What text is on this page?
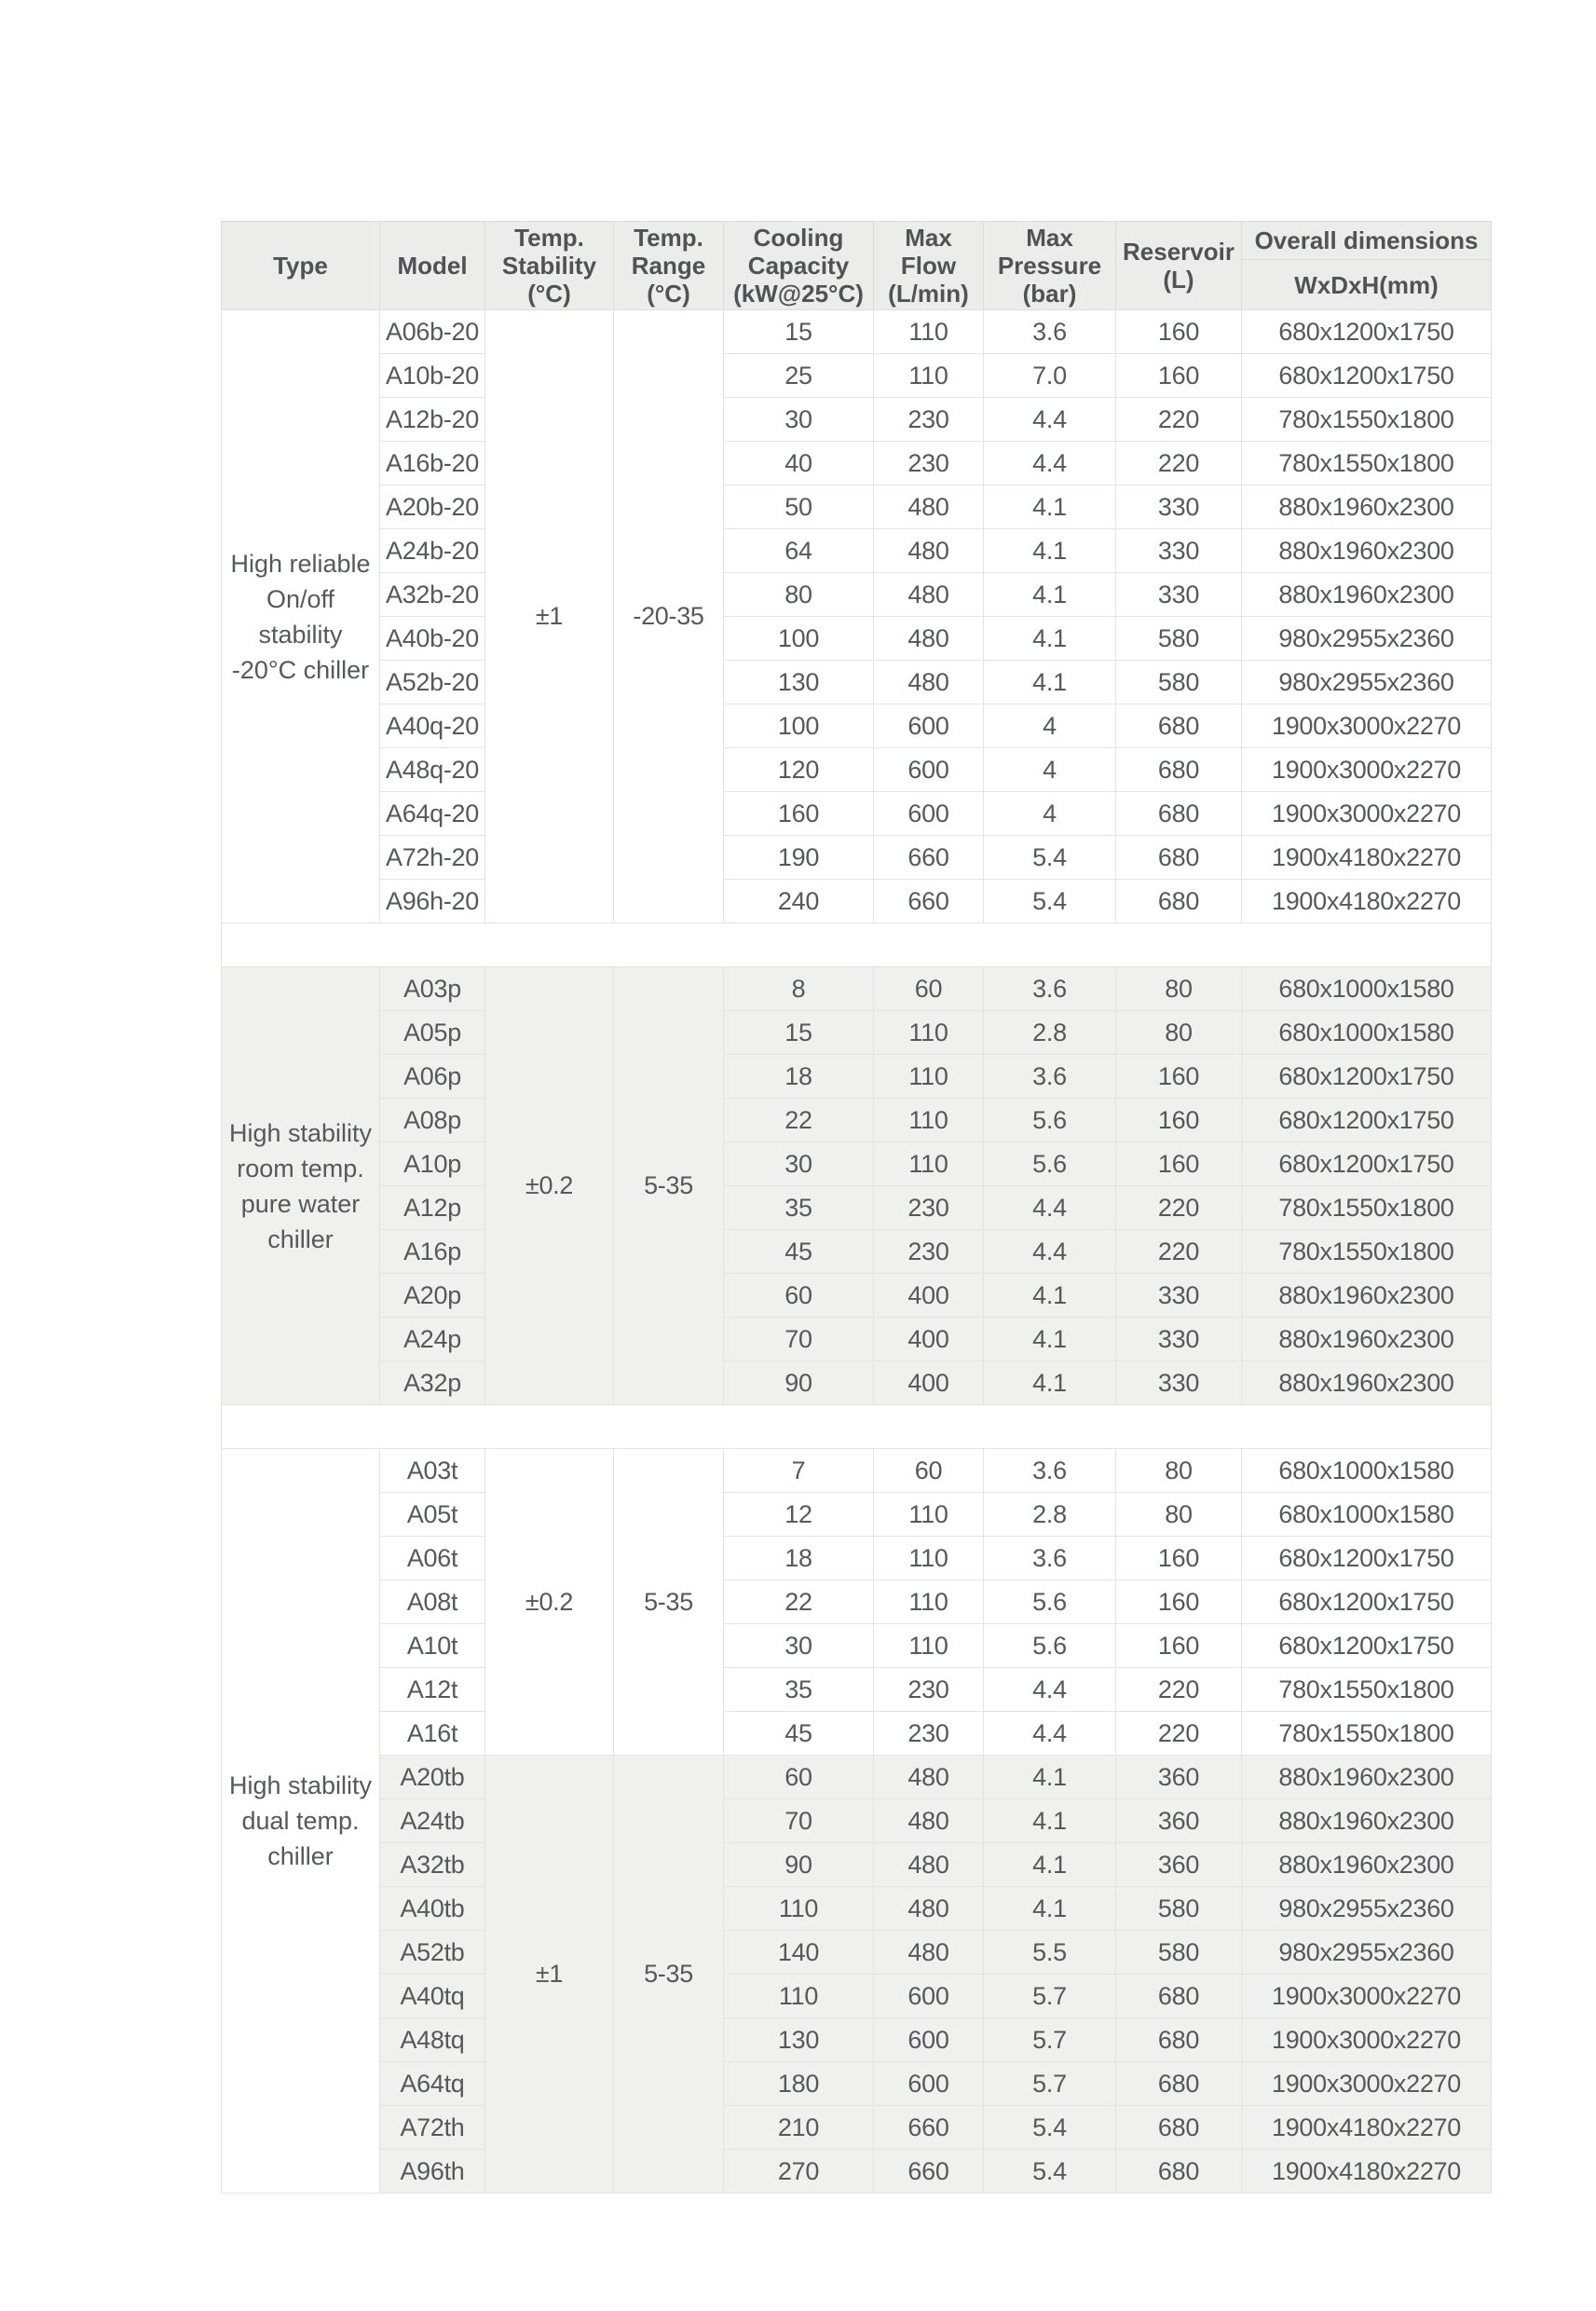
Type	Model	Temp. Stability (°C)	Temp. Range (°C)	Cooling Capacity (kW@25°C)	Max Flow (L/min)	Max Pressure (bar)	Reservoir (L)	Overall dimensions
								WxDxH(mm)
High reliable On/off stability -20°C chiller	A06b-20	±1	-20-35	15	110	3.6	160	680x1200x1750
	A10b-20			25	110	7.0	160	680x1200x1750
	A12b-20			30	230	4.4	220	780x1550x1800
	A16b-20			40	230	4.4	220	780x1550x1800
	A20b-20			50	480	4.1	330	880x1960x2300
	A24b-20			64	480	4.1	330	880x1960x2300
	A32b-20			80	480	4.1	330	880x1960x2300
	A40b-20			100	480	4.1	580	980x2955x2360
	A52b-20			130	480	4.1	580	980x2955x2360
	A40q-20			100	600	4	680	1900x3000x2270
	A48q-20			120	600	4	680	1900x3000x2270
	A64q-20			160	600	4	680	1900x3000x2270
	A72h-20			190	660	5.4	680	1900x4180x2270
	A96h-20			240	660	5.4	680	1900x4180x2270

High stability room temp. pure water chiller	A03p	±0.2	5-35	8	60	3.6	80	680x1000x1580
	A05p			15	110	2.8	80	680x1000x1580
	A06p			18	110	3.6	160	680x1200x1750
	A08p			22	110	5.6	160	680x1200x1750
	A10p			30	110	5.6	160	680x1200x1750
	A12p			35	230	4.4	220	780x1550x1800
	A16p			45	230	4.4	220	780x1550x1800
	A20p			60	400	4.1	330	880x1960x2300
	A24p			70	400	4.1	330	880x1960x2300
	A32p			90	400	4.1	330	880x1960x2300

High stability dual temp. chiller	A03t	±0.2	5-35	7	60	3.6	80	680x1000x1580
	A05t			12	110	2.8	80	680x1000x1580
	A06t			18	110	3.6	160	680x1200x1750
	A08t			22	110	5.6	160	680x1200x1750
	A10t			30	110	5.6	160	680x1200x1750
	A12t			35	230	4.4	220	780x1550x1800
	A16t			45	230	4.4	220	780x1550x1800
	A20tb	±1	5-35	60	480	4.1	360	880x1960x2300
	A24tb			70	480	4.1	360	880x1960x2300
	A32tb			90	480	4.1	360	880x1960x2300
	A40tb			110	480	4.1	580	980x2955x2360
	A52tb			140	480	5.5	580	980x2955x2360
	A40tq			110	600	5.7	680	1900x3000x2270
	A48tq			130	600	5.7	680	1900x3000x2270
	A64tq			180	600	5.7	680	1900x3000x2270
	A72th			210	660	5.4	680	1900x4180x2270
	A96th			270	660	5.4	680	1900x4180x2270
